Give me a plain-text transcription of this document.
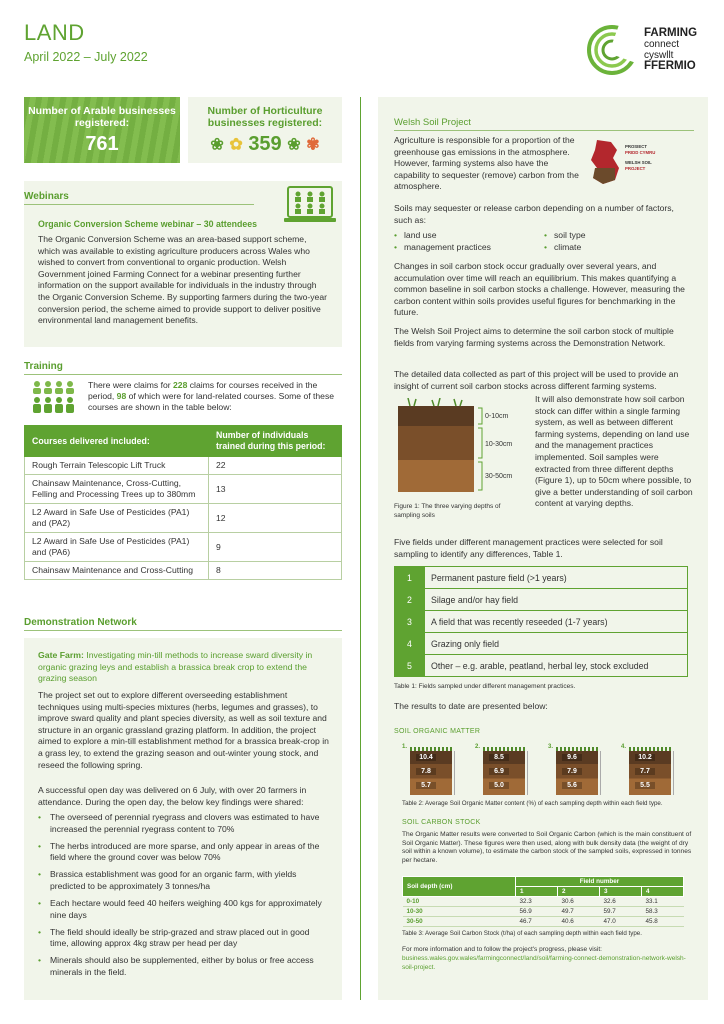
LAND
April 2022 – July 2022
FARMING
connect
cyswllt
FFERMIO
Number of Arable businesses registered:
761
Number of Horticulture businesses registered:
❀ ✿ 359 ❀ ✾
Webinars
Organic Conversion Scheme webinar – 30 attendees
The Organic Conversion Scheme was an area-based support scheme, which was available to existing agriculture producers across Wales who wished to convert from conventional to organic production. Welsh Government joined Farming Connect for a webinar presenting further information on the support available for individuals in the industry through the Organic Conversion Scheme. By supporting farmers during the two-year conversion period, the scheme aimed to provide support to deliver positive environmental land management benefits.
Training
There were claims for 228 claims for courses received in the period, 98 of which were for land-related courses. Some of these courses are shown in the table below:
Courses delivered included:	Number of individuals trained during this period:
Rough Terrain Telescopic Lift Truck	22
Chainsaw Maintenance, Cross-Cutting, Felling and Processing Trees up to 380mm	13
L2 Award in Safe Use of Pesticides (PA1) and (PA2)	12
L2 Award in Safe Use of Pesticides (PA1) and (PA6)	9
Chainsaw Maintenance and Cross-Cutting	8
Demonstration Network
Gate Farm: Investigating min-till methods to increase sward diversity in organic grazing leys and establish a brassica break crop to extend the grazing season
The project set out to explore different overseeding establishment techniques using multi-species mixtures (herbs, legumes and grasses), to improve sward quality and plant species diversity, as well as soil texture and structure in an organic grassland grazing platform. In addition, the project aimed to explore a min-till establishment method for a brassica break-crop in a grass ley, to extend the grazing season and out-winter young stock, and reseed the following spring.
A successful open day was delivered on 6 July, with over 20 farmers in attendance. During the open day, the below key findings were shared:
• The overseed of perennial ryegrass and clovers was estimated to have increased the perennial ryegrass content to 70%
• The herbs introduced are more sparse, and only appear in areas of the field where the ground cover was below 70%
• Brassica establishment was good for an organic farm, with yields predicted to be approximately 3 tonnes/ha
• Each hectare would feed 40 heifers weighing 400 kgs for approximately nine days
• The field should ideally be strip-grazed and straw placed out in good time, allowing approx 4kg straw per head per day
• Minerals should also be supplemented, either by bolus or free access minerals in the field.
Welsh Soil Project
Agriculture is responsible for a proportion of the greenhouse gas emissions in the atmosphere. However, farming systems also have the capability to sequester (remove) carbon from the atmosphere.
PROSIECT
PRIDD CYMRU
WELSH SOIL
PROJECT
Soils may sequester or release carbon depending on a number of factors, such as:
• land use	• soil type
• management practices	• climate
Changes in soil carbon stock occur gradually over several years, and accumulation over time will reach an equilibrium. This makes quantifying a common baseline in soil carbon stocks a challenge. However, measuring the carbon content within soils provides useful figures for benchmarking in the future.
The Welsh Soil Project aims to determine the soil carbon stock of multiple fields from varying farming systems across the Demonstration Network.
The detailed data collected as part of this project will be used to provide an insight of current soil carbon stocks across different farming systems.
It will also demonstrate how soil carbon stock can differ within a single farming system, as well as between different farming systems, depending on land use and the management practices implemented. Soil samples were extracted from three different depths (Figure 1), up to 50cm where possible, to give a better understanding of soil carbon content at varying depths.
0-10cm
10-30cm
30-50cm
Figure 1: The three varying depths of sampling soils
Five fields under different management practices were selected for soil sampling to identify any differences, Table 1.
1	Permanent pasture field (>1 years)
2	Silage and/or hay field
3	A field that was recently reseeded (1-7 years)
4	Grazing only field
5	Other – e.g. arable, peatland, herbal ley, stock excluded
Table 1: Fields sampled under different management practices.
The results to date are presented below:
SOIL ORGANIC MATTER
1.
10.4
7.8
5.7
2.
8.5
6.9
5.0
3.
9.6
7.9
5.6
4.
10.2
7.7
5.5
Table 2: Average Soil Organic Matter content (%) of each sampling depth within each field type.
SOIL CARBON STOCK
The Organic Matter results were converted to Soil Organic Carbon (which is the main constituent of Soil Organic Matter). These figures were then used, along with bulk density data (the weight of dry soil within a known volume), to estimate the carbon stock of the sampled soils, expressed in tonnes per hectare.
Soil depth (cm)	Field number			
	1	2	3	4
0-10	32.3	30.6	32.6	33.1
10-30	56.9	49.7	59.7	58.3
30-50	46.7	40.6	47.0	45.8
Table 3: Average Soil Carbon Stock (t/ha) of each sampling depth within each field type.
For more information and to follow the project's progress, please visit: business.wales.gov.wales/farmingconnect/land/soil/farming-connect-demonstration-network-welsh-soil-project.
